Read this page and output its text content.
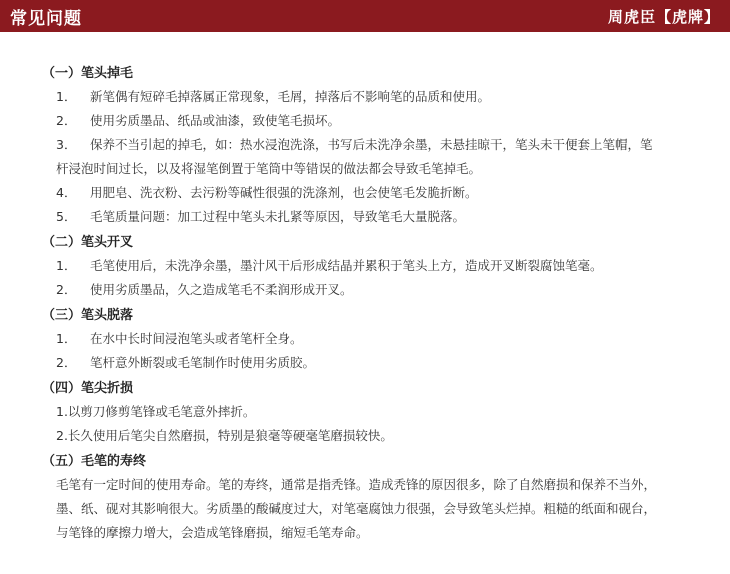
常见问题	周虎臣【虎牌】
（一）笔头掉毛
1． 新笔偶有短碎毛掉落属正常现象，毛屑，掉落后不影响笔的品质和使用。
2． 使用劣质墨品、纸品或油漆，致使笔毛损坏。
3． 保养不当引起的掉毛，如：热水浸泡洗涤，书写后未洗净余墨，未悬挂晾干，笔头未干便套上笔帽，笔
杆浸泡时间过长，以及将湿笔倒置于笔筒中等错误的做法都会导致毛笔掉毛。
4． 用肥皂、洗衣粉、去污粉等碱性很强的洗涤剂，也会使笔毛发脆折断。
5． 毛笔质量问题：加工过程中笔头未扎紧等原因，导致笔毛大量脱落。
（二）笔头开叉
1． 毛笔使用后，未洗净余墨，墨汁风干后形成结晶并累积于笔头上方，造成开叉断裂腐蚀笔毫。
2． 使用劣质墨品，久之造成笔毛不柔润形成开叉。
（三）笔头脱落
1． 在水中长时间浸泡笔头或者笔杆全身。
2． 笔杆意外断裂或毛笔制作时使用劣质胶。
（四）笔尖折损
1.以剪刀修剪笔锋或毛笔意外摔折。
2.长久使用后笔尖自然磨损，特别是狼毫等硬毫笔磨损较快。
（五）毛笔的寿终
毛笔有一定时间的使用寿命。笔的寿终，通常是指秃锋。造成秃锋的原因很多，除了自然磨损和保养不当外，
墨、纸、砚对其影响很大。劣质墨的酸碱度过大，对笔毫腐蚀力很强，会导致笔头烂掉。粗糙的纸面和砚台，
与笔锋的摩擦力增大，会造成笔锋磨损，缩短毛笔寿命。
